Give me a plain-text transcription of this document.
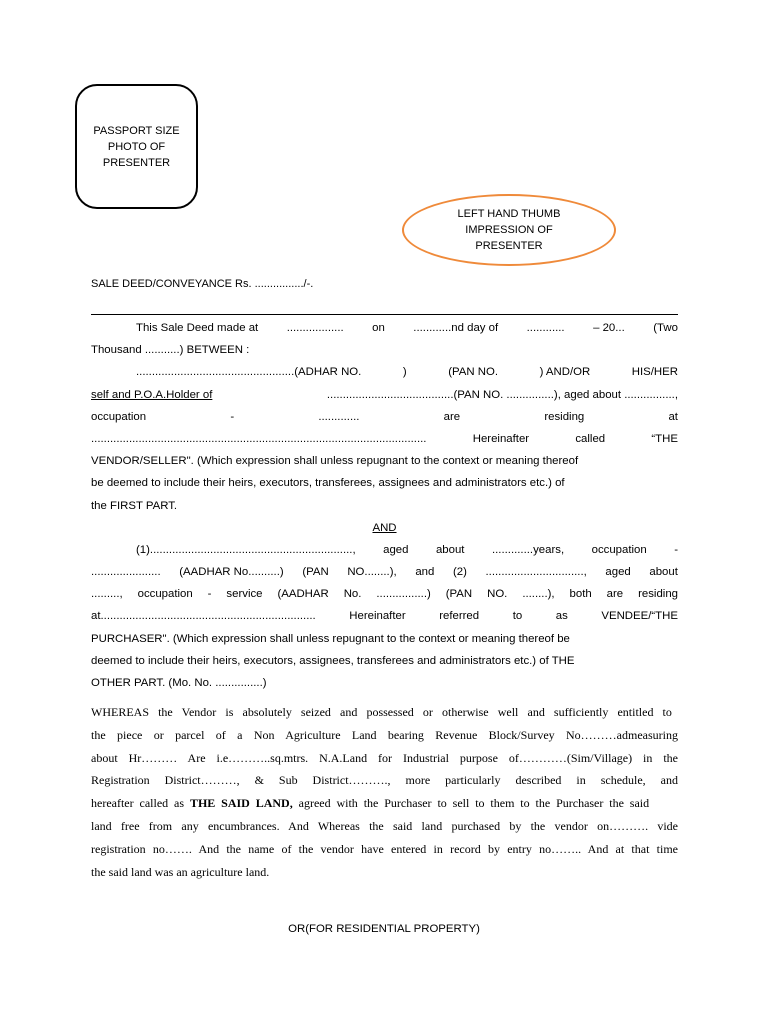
PASSPORT SIZE
PHOTO OF
PRESENTER
LEFT HAND THUMB
IMPRESSION OF
PRESENTER
SALE DEED/CONVEYANCE Rs. ................/-.
This Sale Deed made at .................. on ............nd day of ............ – 20... (Two
Thousand ...........) BETWEEN :
..................................................(ADHAR NO.	)	(PAN NO.	) AND/OR	HIS/HER
self and P.O.A.Holder of	........................................(PAN NO. ...............), aged about ................,
occupation	-	.............	are	residing	at
..........................................................................................................	Hereinafter	called	“THE
VENDOR/SELLER". (Which expression shall unless repugnant to the context or meaning thereof
be deemed to include their heirs, executors, transferees, assignees and administrators etc.) of
the FIRST PART.
AND
(1)................................................................, aged about .............years, occupation -
...................... (AADHAR No..........) (PAN NO........), and (2) ..............................., aged about
........., occupation - service (AADHAR No. ................) (PAN NO. ........), both are residing
at....................................................................	Hereinafter	referred	to	as	VENDEE/“THE
PURCHASER". (Which expression shall unless repugnant to the context or meaning thereof be
deemed to include their heirs, executors, assignees, transferees and administrators etc.) of THE
OTHER PART. (Mo. No. ...............)
WHEREAS the Vendor is absolutely seized and possessed or otherwise well and sufficiently entitled to
the piece or parcel of a Non Agriculture Land bearing Revenue Block/Survey No………admeasuring
about Hr……… Are i.e………..sq.mtrs. N.A.Land for Industrial purpose of…………(Sim/Village) in the
Registration District………, & Sub District………., more particularly described in schedule, and
hereafter called as THE SAID LAND, agreed with the Purchaser to sell to them to the Purchaser the said
land free from any encumbrances. And Whereas the said land purchased by the vendor on………. vide
registration no……. And the name of the vendor have entered in record by entry no…….. And at that time
the said land was an agriculture land.
OR(FOR RESIDENTIAL PROPERTY)
